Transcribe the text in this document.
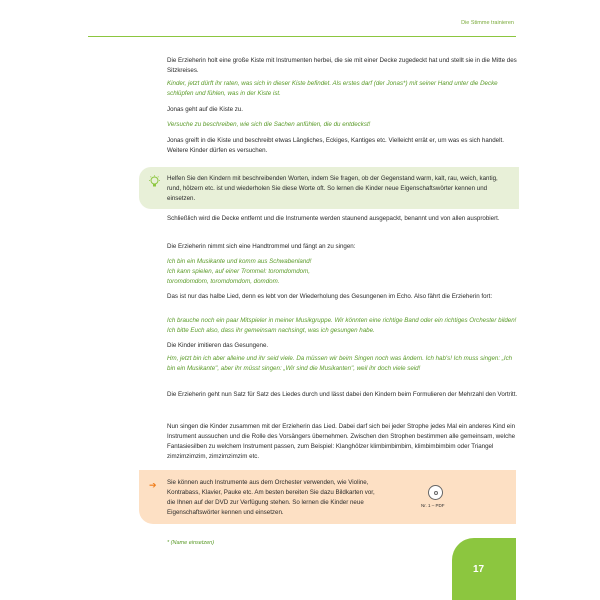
Die Stimme trainieren

Die Erzieherin holt eine große Kiste mit Instrumenten herbei, die sie mit einer Decke zugedeckt hat und stellt sie in die Mitte des Sitzkreises.

Kinder, jetzt dürft ihr raten, was sich in dieser Kiste befindet. Als erstes darf (der Jonas*) mit seiner Hand unter die Decke schlüpfen und fühlen, was in der Kiste ist.

Jonas geht auf die Kiste zu.

Versuche zu beschreiben, wie sich die Sachen anfühlen, die du entdeckst!

Jonas greift in die Kiste und beschreibt etwas Längliches, Eckiges, Kantiges etc. Vielleicht errät er, um was es sich handelt. Weitere Kinder dürfen es versuchen.

Helfen Sie den Kindern mit beschreibenden Worten, indem Sie fragen, ob der Gegenstand warm, kalt, rau, weich, kantig, rund, hölzern etc. ist und wiederholen Sie diese Worte oft. So lernen die Kinder neue Eigenschaftswörter kennen und einsetzen.

Schließlich wird die Decke entfernt und die Instrumente werden staunend ausgepackt, benannt und von allen ausprobiert.

Die Erzieherin nimmt sich eine Handtrommel und fängt an zu singen:

Ich bin ein Musikante und komm aus Schwabenland! Ich kann spielen, auf einer Trommel: toromdomdom, toromdomdom, toromdomdom, domdom.

Das ist nur das halbe Lied, denn es lebt von der Wiederholung des Gesungenen im Echo. Also fährt die Erzieherin fort:

Ich brauche noch ein paar Mitspieler in meiner Musikgruppe. Wir könnten eine richtige Band oder ein richtiges Orchester bilden! Ich bitte Euch also, dass ihr gemeinsam nachsingt, was ich gesungen habe.

Die Kinder imitieren das Gesungene.

Hm, jetzt bin ich aber alleine und ihr seid viele. Da müssen wir beim Singen noch was ändern. Ich hab's! Ich muss singen: „Ich bin ein Musikante", aber ihr müsst singen: „Wir sind die Musikanten", weil ihr doch viele seid!

Die Erzieherin geht nun Satz für Satz des Liedes durch und lässt dabei den Kindern beim Formulieren der Mehrzahl den Vortritt.

Nun singen die Kinder zusammen mit der Erzieherin das Lied. Dabei darf sich bei jeder Strophe jedes Mal ein anderes Kind ein Instrument aussuchen und die Rolle des Vorsängers übernehmen. Zwischen den Strophen bestimmen alle gemeinsam, welche Fantasiesilben zu welchem Instrument passen, zum Beispiel: Klanghölzer klimbimbimbim, klimbimbimbim oder Triangel zimzimzimzim, zimzimzimzim etc.

➔ Sie können auch Instrumente aus dem Orchester verwenden, wie Violine, Kontrabass, Klavier, Pauke etc. Am besten bereiten Sie dazu Bildkarten vor, die Ihnen auf der DVD zur Verfügung stehen. So lernen die Kinder neue Eigenschaftswörter kennen und einsetzen.

Nr. 1 – PDF
* (Name einsetzen)
17
